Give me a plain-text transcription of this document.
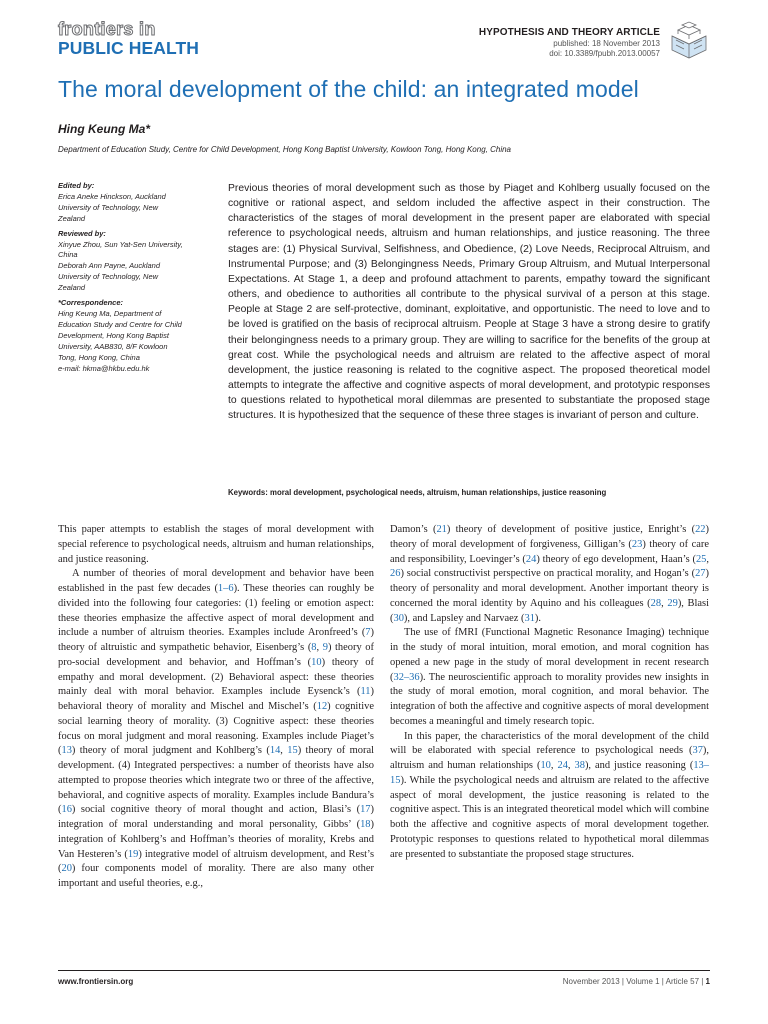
frontiers in
PUBLIC HEALTH
HYPOTHESIS AND THEORY ARTICLE
published: 18 November 2013
doi: 10.3389/fpubh.2013.00057
The moral development of the child: an integrated model
Hing Keung Ma*
Department of Education Study, Centre for Child Development, Hong Kong Baptist University, Kowloon Tong, Hong Kong, China
Edited by:
Erica Aneke Hinckson, Auckland
University of Technology, New
Zealand
Reviewed by:
Xinyue Zhou, Sun Yat-Sen University,
China
Deborah Ann Payne, Auckland
University of Technology, New
Zealand
*Correspondence:
Hing Keung Ma, Department of
Education Study and Centre for Child
Development, Hong Kong Baptist
University, AAB830, 8/F Kowloon
Tong, Hong Kong, China
e-mail: hkma@hkbu.edu.hk
Previous theories of moral development such as those by Piaget and Kohlberg usually focused on the cognitive or rational aspect, and seldom included the affective aspect in their construction. The characteristics of the stages of moral development in the present paper are elaborated with special reference to psychological needs, altruism and human relationships, and justice reasoning. The three stages are: (1) Physical Survival, Selfishness, and Obedience, (2) Love Needs, Reciprocal Altruism, and Instrumental Purpose; and (3) Belongingness Needs, Primary Group Altruism, and Mutual Interpersonal Expectations. At Stage 1, a deep and profound attachment to parents, empathy toward the significant others, and obedience to authorities all contribute to the physical survival of a person at this stage. People at Stage 2 are self-protective, dominant, exploitative, and opportunistic. The need to love and to be loved is gratified on the basis of reciprocal altruism. People at Stage 3 have a strong desire to gratify their belongingness needs to a primary group. They are willing to sacrifice for the benefits of the group at great cost. While the psychological needs and altruism are related to the affective aspect of moral development, the justice reasoning is related to the cognitive aspect. The proposed theoretical model attempts to integrate the affective and cognitive aspects of moral development, and prototypic responses to questions related to hypothetical moral dilemmas are presented to substantiate the proposed stage structures. It is hypothesized that the sequence of these three stages is invariant of person and culture.
Keywords: moral development, psychological needs, altruism, human relationships, justice reasoning

This paper attempts to establish the stages of moral development with special reference to psychological needs, altruism and human relationships, and justice reasoning.

A number of theories of moral development and behavior have been established in the past few decades (1–6). These theories can roughly be divided into the following four categories: (1) feeling or emotion aspect: these theories emphasize the affective aspect of moral development and include a number of altruism theories. Examples include Aronfreed’s (7) theory of altruistic and sympathetic behavior, Eisenberg’s (8, 9) theory of pro-social development and behavior, and Hoffman’s (10) theory of empathy and moral development. (2) Behavioral aspect: these theories mainly deal with moral behavior. Examples include Eysenck’s (11) behavioral theory of morality and Mischel and Mischel’s (12) cognitive social learning theory of morality. (3) Cognitive aspect: these theories focus on moral judgment and moral reasoning. Examples include Piaget’s (13) theory of moral judgment and Kohlberg’s (14, 15) theory of moral development. (4) Integrated perspectives: a number of theorists have also attempted to propose theories which integrate two or three of the affective, behavioral, and cognitive aspects of morality. Examples include Bandura’s (16) social cognitive theory of moral thought and action, Blasi’s (17) integration of moral understanding and moral personality, Gibbs’ (18) integration of Kohlberg’s and Hoffman’s theories of morality, Krebs and Van Hesteren’s (19) integrative model of altruism development, and Rest’s (20) four components model of morality. There are also many other important and useful theories, e.g.,

Damon’s (21) theory of development of positive justice, Enright’s (22) theory of moral development of forgiveness, Gilligan’s (23) theory of care and responsibility, Loevinger’s (24) theory of ego development, Haan’s (25, 26) social constructivist perspective on practical morality, and Hogan’s (27) theory of personality and moral development. Another important theory is concerned the moral identity by Aquino and his colleagues (28, 29), Blasi (30), and Lapsley and Narvaez (31).

The use of fMRI (Functional Magnetic Resonance Imaging) technique in the study of moral intuition, moral emotion, and moral cognition has opened a new page in the study of moral development in recent research (32–36). The neuroscientific approach to morality provides new insights in the study of moral emotion, moral cognition, and moral behavior. The integration of both the affective and cognitive aspects of moral development becomes a meaningful and timely research topic.

In this paper, the characteristics of the moral development of the child will be elaborated with special reference to psychological needs (37), altruism and human relationships (10, 24, 38), and justice reasoning (13–15). While the psychological needs and altruism are related to the affective aspect of moral development, the justice reasoning is related to the cognitive aspect. This is an integrated theoretical model which will combine both the affective and cognitive aspects of moral development together. Prototypic responses to questions related to hypothetical moral dilemmas are presented to substantiate the proposed stage structures.

www.frontiersin.org	November 2013 | Volume 1 | Article 57 | 1
